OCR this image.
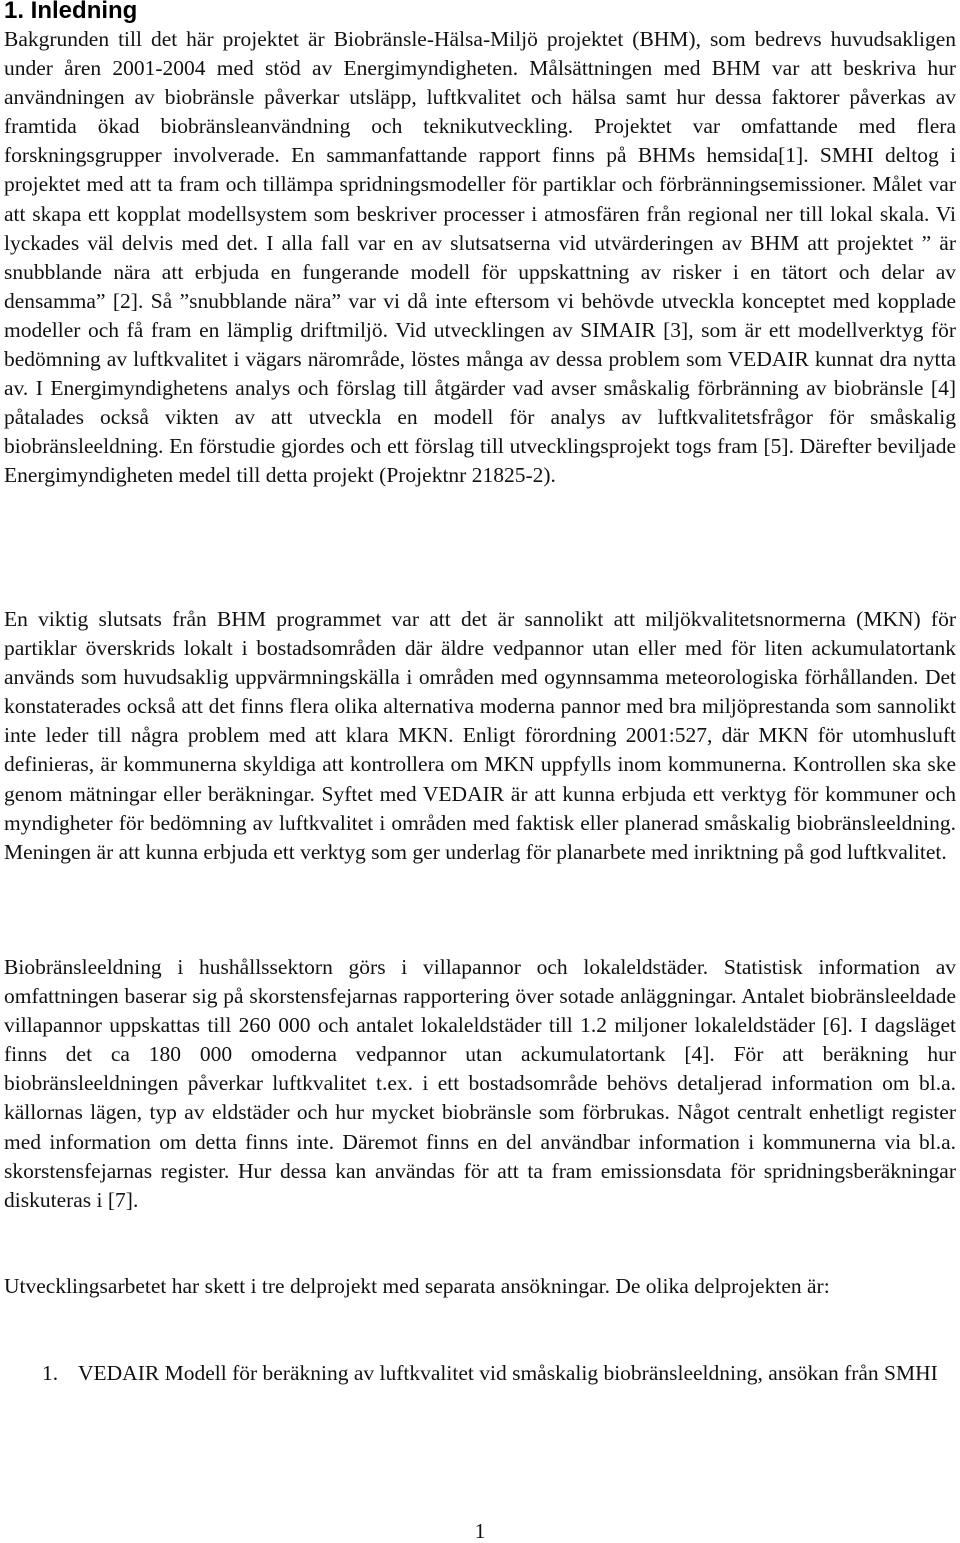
1. Inledning

Bakgrunden till det här projektet är Biobränsle-Hälsa-Miljö projektet (BHM), som bedrevs huvudsakligen under åren 2001-2004 med stöd av Energimyndigheten. Målsättningen med BHM var att beskriva hur användningen av biobränsle påverkar utsläpp, luftkvalitet och hälsa samt hur dessa faktorer påverkas av framtida ökad biobränsleanvändning och teknikutveckling. Projektet var omfattande med flera forskningsgrupper involverade. En sammanfattande rapport finns på BHMs hemsida[1]. SMHI deltog i projektet med att ta fram och tillämpa spridningsmodeller för partiklar och förbränningsemissioner. Målet var att skapa ett kopplat modellsystem som beskriver processer i atmosfären från regional ner till lokal skala. Vi lyckades väl delvis med det. I alla fall var en av slutsatserna vid utvärderingen av BHM att projektet ” är snubblande nära att erbjuda en fungerande modell för uppskattning av risker i en tätort och delar av densamma” [2]. Så ”snubblande nära” var vi då inte eftersom vi behövde utveckla konceptet med kopplade modeller och få fram en lämplig driftmiljö. Vid utvecklingen av SIMAIR [3], som är ett modellverktyg för bedömning av luftkvalitet i vägars närområde, löstes många av dessa problem som VEDAIR kunnat dra nytta av. I Energimyndighetens analys och förslag till åtgärder vad avser småskalig förbränning av biobränsle [4] påtalades också vikten av att utveckla en modell för analys av luftkvalitetsfrågor för småskalig biobränsleeldning. En förstudie gjordes och ett förslag till utvecklingsprojekt togs fram [5]. Därefter beviljade Energimyndigheten medel till detta projekt (Projektnr 21825-2).

En viktig slutsats från BHM programmet var att det är sannolikt att miljökvalitetsnormerna (MKN) för partiklar överskrids lokalt i bostadsområden där äldre vedpannor utan eller med för liten ackumulatortank används som huvudsaklig uppvärmningskälla i områden med ogynnsamma meteorologiska förhållanden. Det konstaterades också att det finns flera olika alternativa moderna pannor med bra miljöprestanda som sannolikt inte leder till några problem med att klara MKN. Enligt förordning 2001:527, där MKN för utomhusluft definieras, är kommunerna skyldiga att kontrollera om MKN uppfylls inom kommunerna. Kontrollen ska ske genom mätningar eller beräkningar. Syftet med VEDAIR är att kunna erbjuda ett verktyg för kommuner och myndigheter för bedömning av luftkvalitet i områden med faktisk eller planerad småskalig biobränsleeldning. Meningen är att kunna erbjuda ett verktyg som ger underlag för planarbete med inriktning på god luftkvalitet.

Biobränsleeldning i hushållssektorn görs i villapannor och lokaleldstäder. Statistisk information av omfattningen baserar sig på skorstensfejarnas rapportering över sotade anläggningar. Antalet biobränsleeldade villapannor uppskattas till 260 000 och antalet lokaleldstäder till 1.2 miljoner lokaleldstäder [6]. I dagsläget finns det ca 180 000 omoderna vedpannor utan ackumulatortank [4]. För att beräkning hur biobränsleeldningen påverkar luftkvalitet t.ex. i ett bostadsområde behövs detaljerad information om bl.a. källornas lägen, typ av eldstäder och hur mycket biobränsle som förbrukas. Något centralt enhetligt register med information om detta finns inte. Däremot finns en del användbar information i kommunerna via bl.a. skorstensfejarnas register. Hur dessa kan användas för att ta fram emissionsdata för spridningsberäkningar diskuteras i [7].

Utvecklingsarbetet har skett i tre delprojekt med separata ansökningar. De olika delprojekten är:

1. VEDAIR Modell för beräkning av luftkvalitet vid småskalig biobränsleeldning, ansökan från SMHI
1
